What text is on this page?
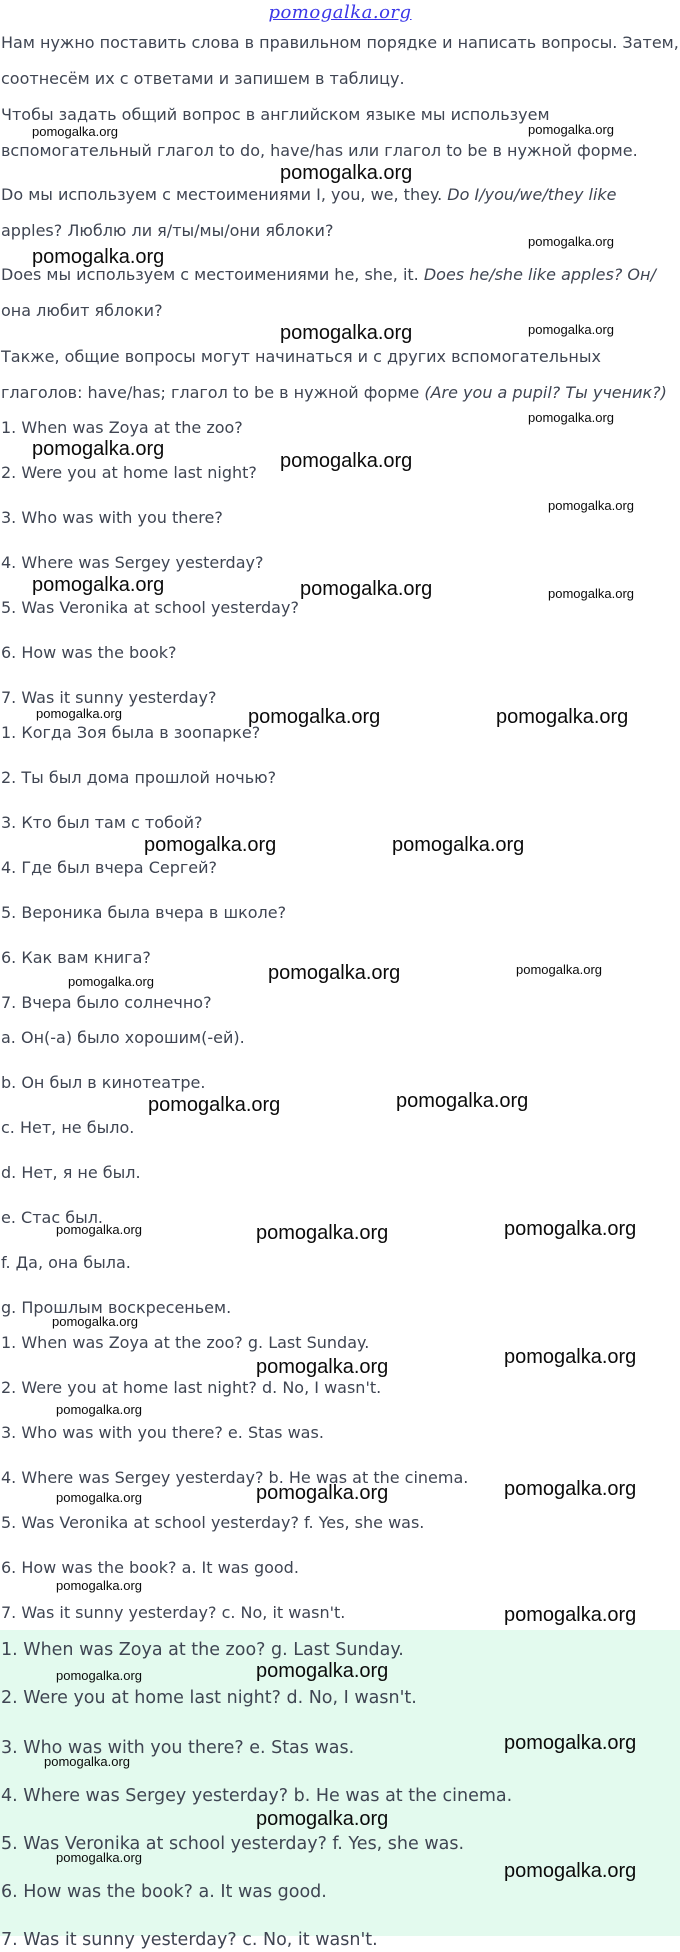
pomogalka.org
Нам нужно поставить слова в правильном порядке и написать вопросы. Затем,
соотнесём их с ответами и запишем в таблицу.
Чтобы задать общий вопрос в английском языке мы используем
вспомогательный глагол to do, have/has или глагол to be в нужной форме.
Do мы используем с местоимениями I, you, we, they. Do I/you/we/they like
apples? Люблю ли я/ты/мы/они яблоки?
Does мы используем с местоимениями he, she, it. Does he/she like apples? Он/
она любит яблоки?
Также, общие вопросы могут начинаться и с других вспомогательных
глаголов: have/has; глагол to be в нужной форме (Are you a pupil? Ты ученик?)
1. When was Zoya at the zoo?
2. Were you at home last night?
3. Who was with you there?
4. Where was Sergey yesterday?
5. Was Veronika at school yesterday?
6. How was the book?
7. Was it sunny yesterday?
1. Когда Зоя была в зоопарке?
2. Ты был дома прошлой ночью?
3. Кто был там с тобой?
4. Где был вчера Сергей?
5. Вероника была вчера в школе?
6. Как вам книга?
7. Вчера было солнечно?
a. Он(-а) было хорошим(-ей).
b. Он был в кинотеатре.
c. Нет, не было.
d. Нет, я не был.
e. Стас был.
f. Да, она была.
g. Прошлым воскресеньем.
1. When was Zoya at the zoo? g. Last Sunday.
2. Were you at home last night? d. No, I wasn't.
3. Who was with you there? e. Stas was.
4. Where was Sergey yesterday? b. He was at the cinema.
5. Was Veronika at school yesterday? f. Yes, she was.
6. How was the book? a. It was good.
7. Was it sunny yesterday? c. No, it wasn't.
1. When was Zoya at the zoo? g. Last Sunday.
2. Were you at home last night? d. No, I wasn't.
3. Who was with you there? e. Stas was.
4. Where was Sergey yesterday? b. He was at the cinema.
5. Was Veronika at school yesterday? f. Yes, she was.
6. How was the book? a. It was good.
7. Was it sunny yesterday? c. No, it wasn't.
pomogalka.org	pomogalka.org
pomogalka.org
pomogalka.org
pomogalka.org
pomogalka.org	pomogalka.org
pomogalka.org
pomogalka.org
pomogalka.org
pomogalka.org
pomogalka.org	pomogalka.org	pomogalka.org
pomogalka.org	pomogalka.org	pomogalka.org
pomogalka.org	pomogalka.org
pomogalka.org	pomogalka.org
pomogalka.org
pomogalka.org	pomogalka.org
pomogalka.org	pomogalka.org	pomogalka.org
pomogalka.org
pomogalka.org	pomogalka.org
pomogalka.org
pomogalka.org	pomogalka.org	pomogalka.org
pomogalka.org
pomogalka.org
pomogalka.org	pomogalka.org
pomogalka.org
pomogalka.org
pomogalka.org
pomogalka.org
pomogalka.org
